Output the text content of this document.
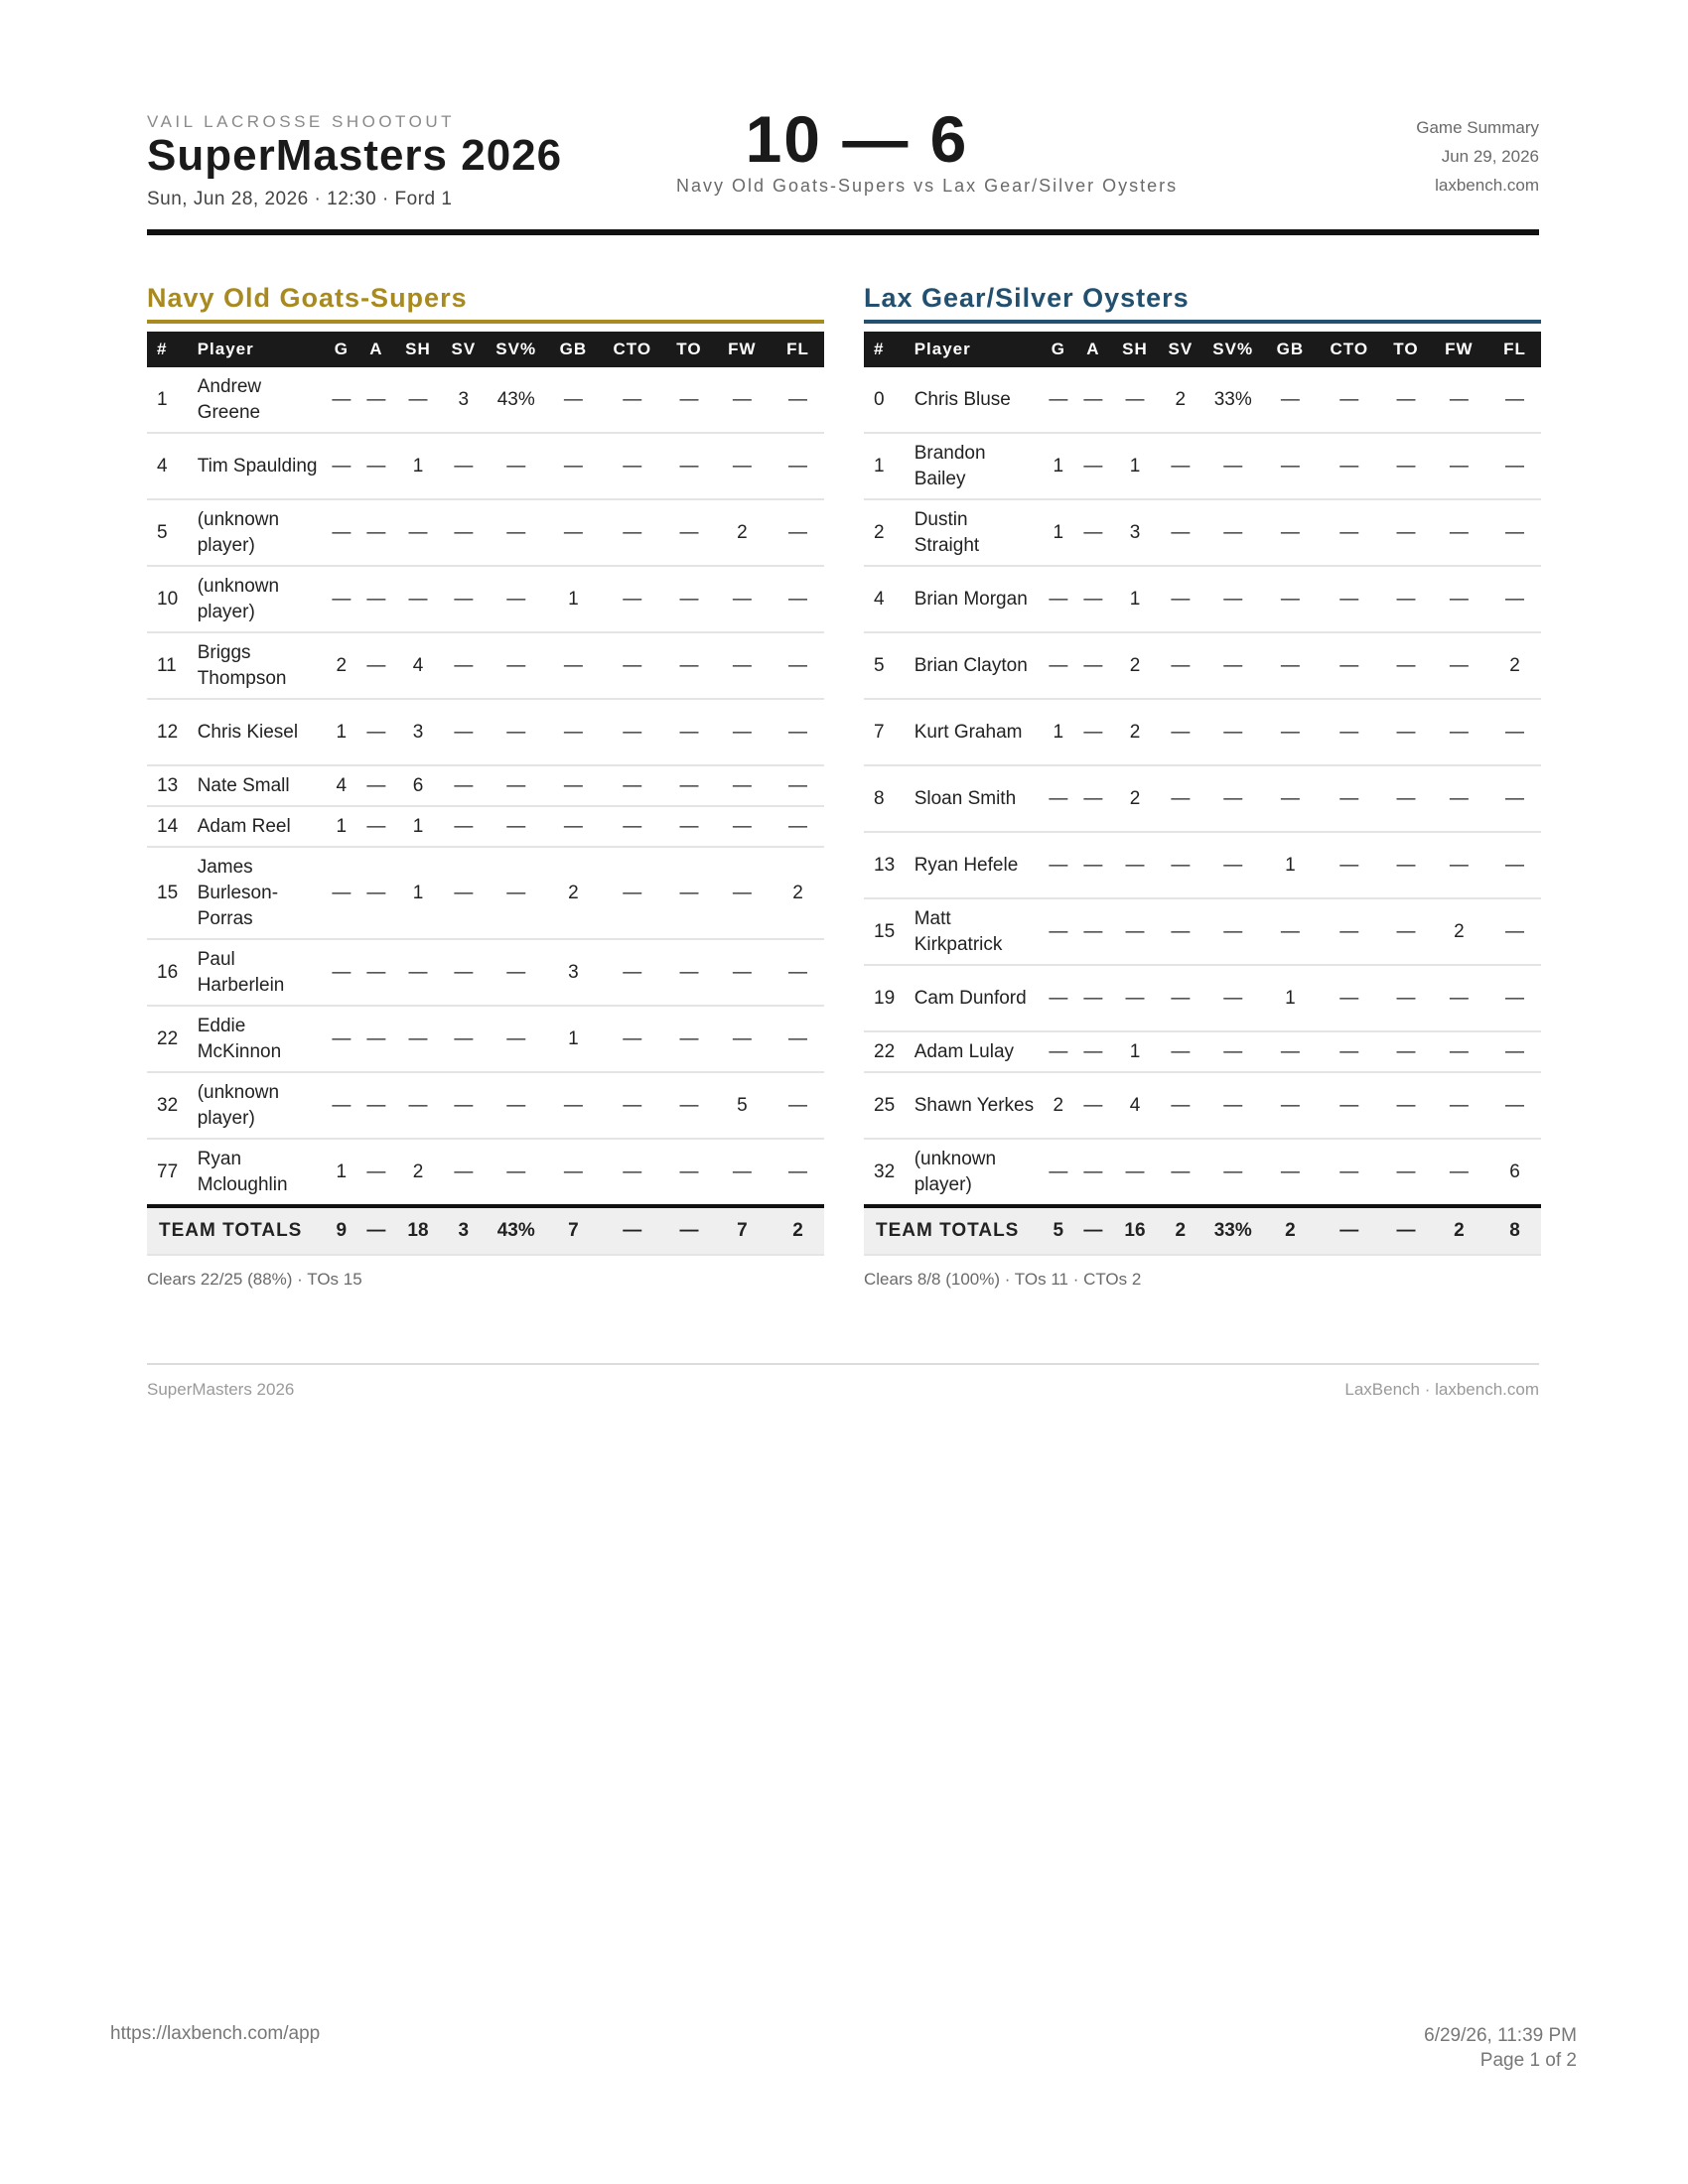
VAIL LACROSSE SHOOTOUT
SuperMasters 2026
Sun, Jun 28, 2026 · 12:30 · Ford 1
10 — 6
Navy Old Goats-Supers vs Lax Gear/Silver Oysters
Game Summary
Jun 29, 2026
laxbench.com
Navy Old Goats-Supers
#	Player	G	A	SH	SV	SV%	GB	CTO	TO	FW	FL
1	Andrew Greene	—	—	—	3	43%	—	—	—	—	—
4	Tim Spaulding	—	—	1	—	—	—	—	—	—	—
5	(unknown player)	—	—	—	—	—	—	—	—	2	—
10	(unknown player)	—	—	—	—	—	1	—	—	—	—
11	Briggs Thompson	2	—	4	—	—	—	—	—	—	—
12	Chris Kiesel	1	—	3	—	—	—	—	—	—	—
13	Nate Small	4	—	6	—	—	—	—	—	—	—
14	Adam Reel	1	—	1	—	—	—	—	—	—	—
15	James Burleson-Porras	—	—	1	—	—	2	—	—	—	2
16	Paul Harberlein	—	—	—	—	—	3	—	—	—	—
22	Eddie McKinnon	—	—	—	—	—	1	—	—	—	—
32	(unknown player)	—	—	—	—	—	—	—	—	5	—
77	Ryan Mcloughlin	1	—	2	—	—	—	—	—	—	—
TEAM TOTALS		9	—	18	3	43%	7	—	—	7	2
Clears 22/25 (88%) · TOs 15
Lax Gear/Silver Oysters
#	Player	G	A	SH	SV	SV%	GB	CTO	TO	FW	FL
0	Chris Bluse	—	—	—	2	33%	—	—	—	—	—
1	Brandon Bailey	1	—	1	—	—	—	—	—	—	—
2	Dustin Straight	1	—	3	—	—	—	—	—	—	—
4	Brian Morgan	—	—	1	—	—	—	—	—	—	—
5	Brian Clayton	—	—	2	—	—	—	—	—	—	2
7	Kurt Graham	1	—	2	—	—	—	—	—	—	—
8	Sloan Smith	—	—	2	—	—	—	—	—	—	—
13	Ryan Hefele	—	—	—	—	—	1	—	—	—	—
15	Matt Kirkpatrick	—	—	—	—	—	—	—	—	2	—
19	Cam Dunford	—	—	—	—	—	1	—	—	—	—
22	Adam Lulay	—	—	1	—	—	—	—	—	—	—
25	Shawn Yerkes	2	—	4	—	—	—	—	—	—	—
32	(unknown player)	—	—	—	—	—	—	—	—	—	6
TEAM TOTALS		5	—	16	2	33%	2	—	—	2	8
Clears 8/8 (100%) · TOs 11 · CTOs 2
SuperMasters 2026	LaxBench · laxbench.com
https://laxbench.com/app	6/29/26, 11:39 PM
Page 1 of 2
